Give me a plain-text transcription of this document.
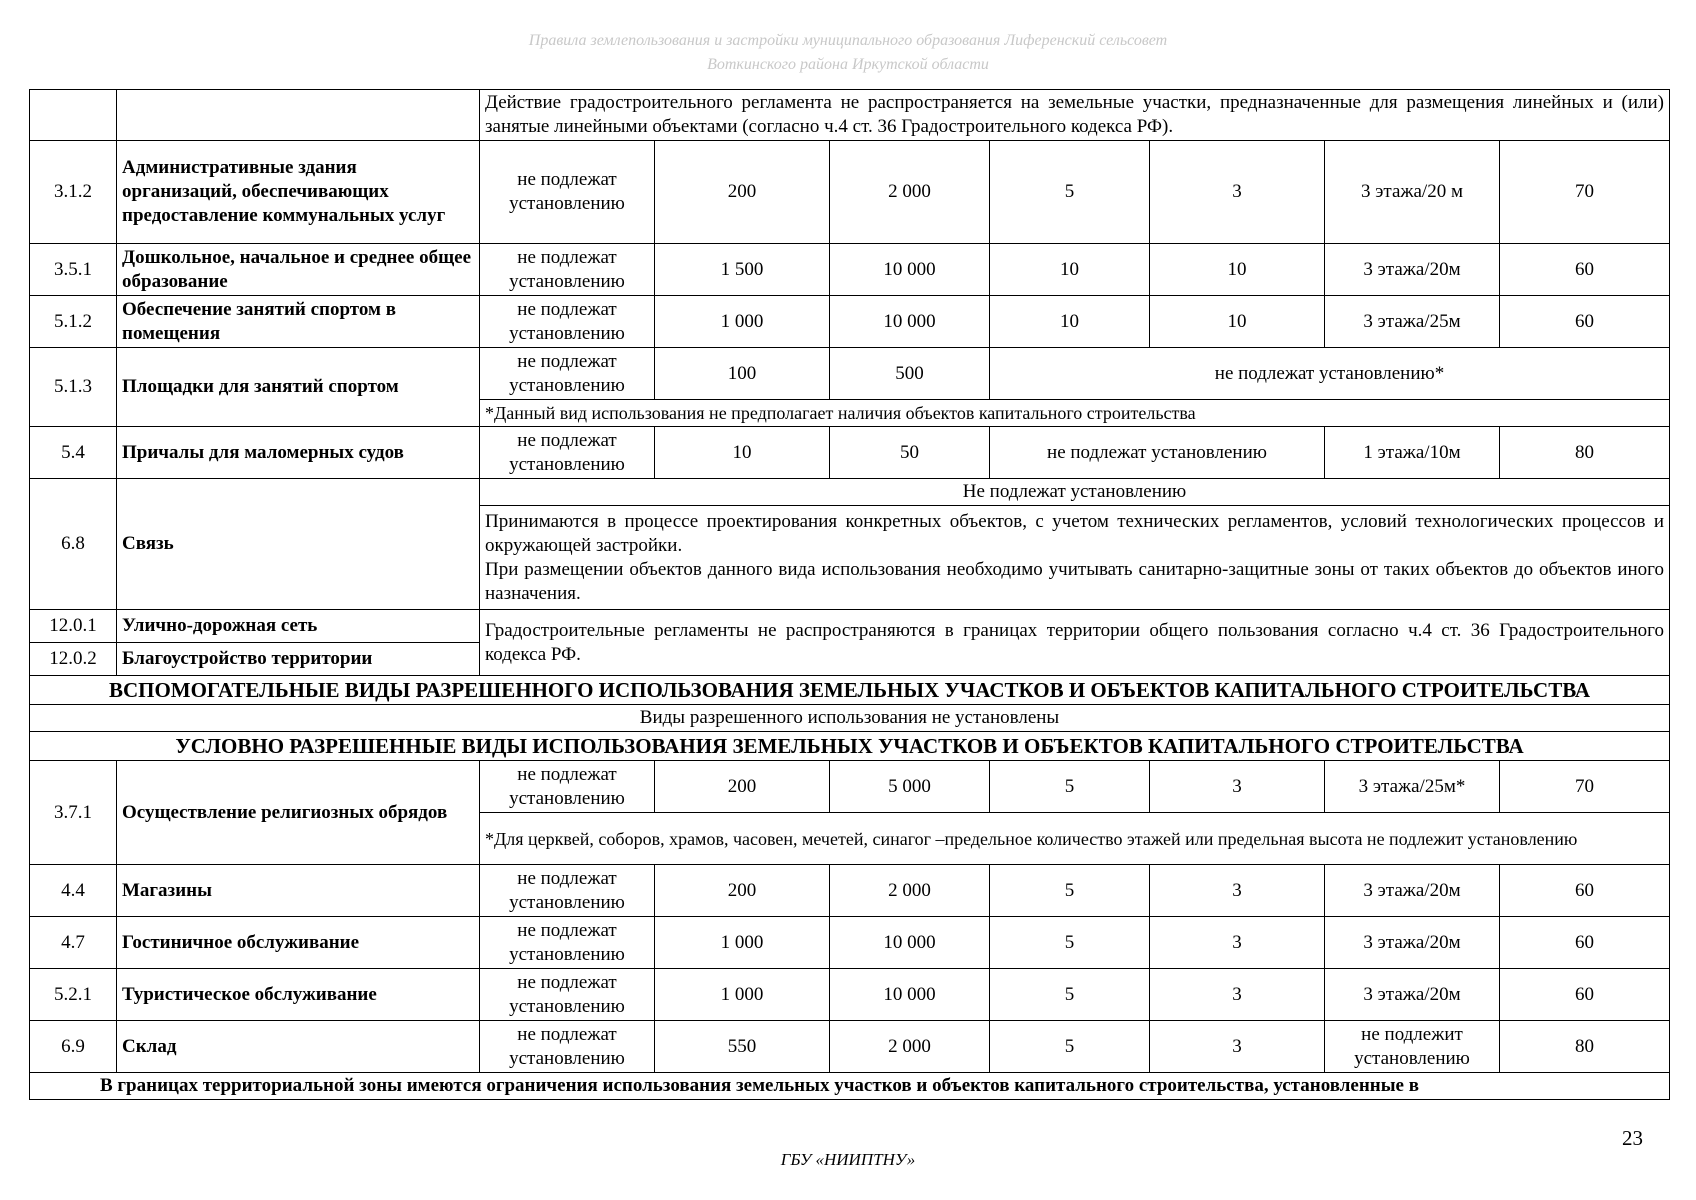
Правила землепользования и застройки муниципального образования Лиференский сельсовет
Воткинского района Иркутской области
		Действие градостроительного регламента не распространяется на земельные участки, предназначенные для размещения линейных и (или) занятые линейными объектами (согласно ч.4 ст. 36 Градостроительного кодекса РФ).						
3.1.2	Административные здания организаций, обеспечивающих предоставление коммунальных услуг	не подлежат установлению	200	2 000	5	3	3 этажа/20 м	70
3.5.1	Дошкольное, начальное и среднее общее образование	не подлежат установлению	1 500	10 000	10	10	3 этажа/20м	60
5.1.2	Обеспечение занятий спортом в помещения	не подлежат установлению	1 000	10 000	10	10	3 этажа/25м	60
5.1.3	Площадки для занятий спортом	не подлежат установлению	100	500	не подлежат установлению*			
		*Данный вид использования не предполагает наличия объектов капитального строительства						
5.4	Причалы для маломерных судов	не подлежат установлению	10	50	не подлежат установлению		1 этажа/10м	80
6.8	Связь	Не подлежат установлению						

		Принимаются в процессе проектирования конкретных объектов, с учетом технических регламентов, условий технологических процессов и окружающей застройки.
При размещении объектов данного вида использования необходимо учитывать санитарно-защитные зоны от таких объектов до объектов иного назначения.						

12.0.1	Улично-дорожная сеть	Градостроительные регламенты не распространяются в границах территории общего пользования согласно ч.4 ст. 36 Градостроительного кодекса РФ.						
12.0.2	Благоустройство территории							
ВСПОМОГАТЕЛЬНЫЕ ВИДЫ РАЗРЕШЕННОГО ИСПОЛЬЗОВАНИЯ ЗЕМЕЛЬНЫХ УЧАСТКОВ И ОБЪЕКТОВ КАПИТАЛЬНОГО СТРОИТЕЛЬСТВА								
Виды разрешенного использования не установлены								
УСЛОВНО РАЗРЕШЕННЫЕ ВИДЫ ИСПОЛЬЗОВАНИЯ ЗЕМЕЛЬНЫХ УЧАСТКОВ И ОБЪЕКТОВ КАПИТАЛЬНОГО СТРОИТЕЛЬСТВА								
3.7.1	Осуществление религиозных обрядов	не подлежат установлению	200	5 000	5	3	3 этажа/25м*	70
		*Для церквей, соборов, храмов, часовен, мечетей, синагог –предельное количество этажей или предельная высота не подлежит установлению						
4.4	Магазины	не подлежат установлению	200	2 000	5	3	3 этажа/20м	60
4.7	Гостиничное обслуживание	не подлежат установлению	1 000	10 000	5	3	3 этажа/20м	60
5.2.1	Туристическое обслуживание	не подлежат установлению	1 000	10 000	5	3	3 этажа/20м	60
6.9	Склад	не подлежат установлению	550	2 000	5	3	не подлежит установлению	80
В границах территориальной зоны имеются ограничения использования земельных участков и объектов капитального строительства, установленные в								
23
ГБУ «НИИПТНУ»
